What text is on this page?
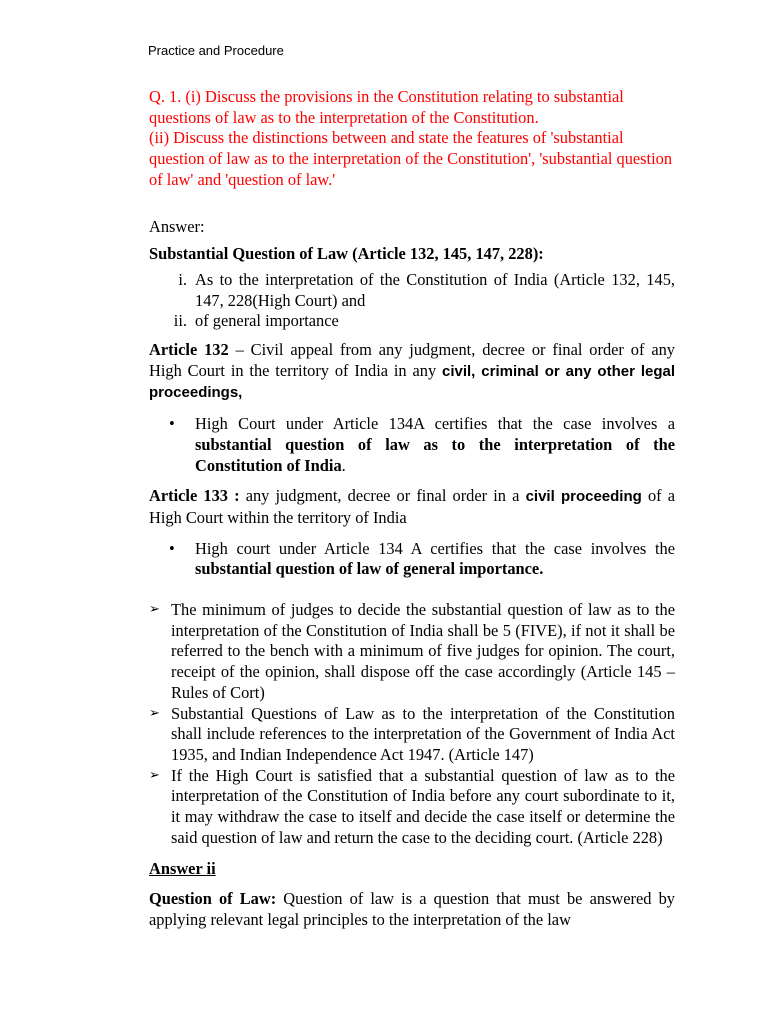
Practice and Procedure

Q. 1. (i) Discuss the provisions in the Constitution relating to substantial questions of law as to the interpretation of the Constitution.

(ii) Discuss the distinctions between and state the features of 'substantial question of law as to the interpretation of the Constitution', 'substantial question of law' and 'question of law.'

Answer:

Substantial Question of Law (Article 132, 145, 147, 228):

i. As to the interpretation of the Constitution of India (Article 132, 145, 147, 228(High Court) and
ii. of general importance

Article 132 – Civil appeal from any judgment, decree or final order of any High Court in the territory of India in any civil, criminal or any other legal proceedings,

•	High Court under Article 134A certifies that the case involves a substantial question of law as to the interpretation of the Constitution of India.

Article 133 : any judgment, decree or final order in a civil proceeding of a High Court within the territory of India

•	High court under Article 134 A certifies that the case involves the substantial question of law of general importance.
➢ The minimum of judges to decide the substantial question of law as to the interpretation of the Constitution of India shall be 5 (FIVE), if not it shall be referred to the bench with a minimum of five judges for opinion. The court, receipt of the opinion, shall dispose off the case accordingly (Article 145 – Rules of Cort)
➢ Substantial Questions of Law as to the interpretation of the Constitution shall include references to the interpretation of the Government of India Act 1935, and Indian Independence Act 1947. (Article 147)
➢ If the High Court is satisfied that a substantial question of law as to the interpretation of the Constitution of India before any court subordinate to it, it may withdraw the case to itself and decide the case itself or determine the said question of law and return the case to the deciding court. (Article 228)

Answer ii

Question of Law: Question of law is a question that must be answered by applying relevant legal principles to the interpretation of the law
